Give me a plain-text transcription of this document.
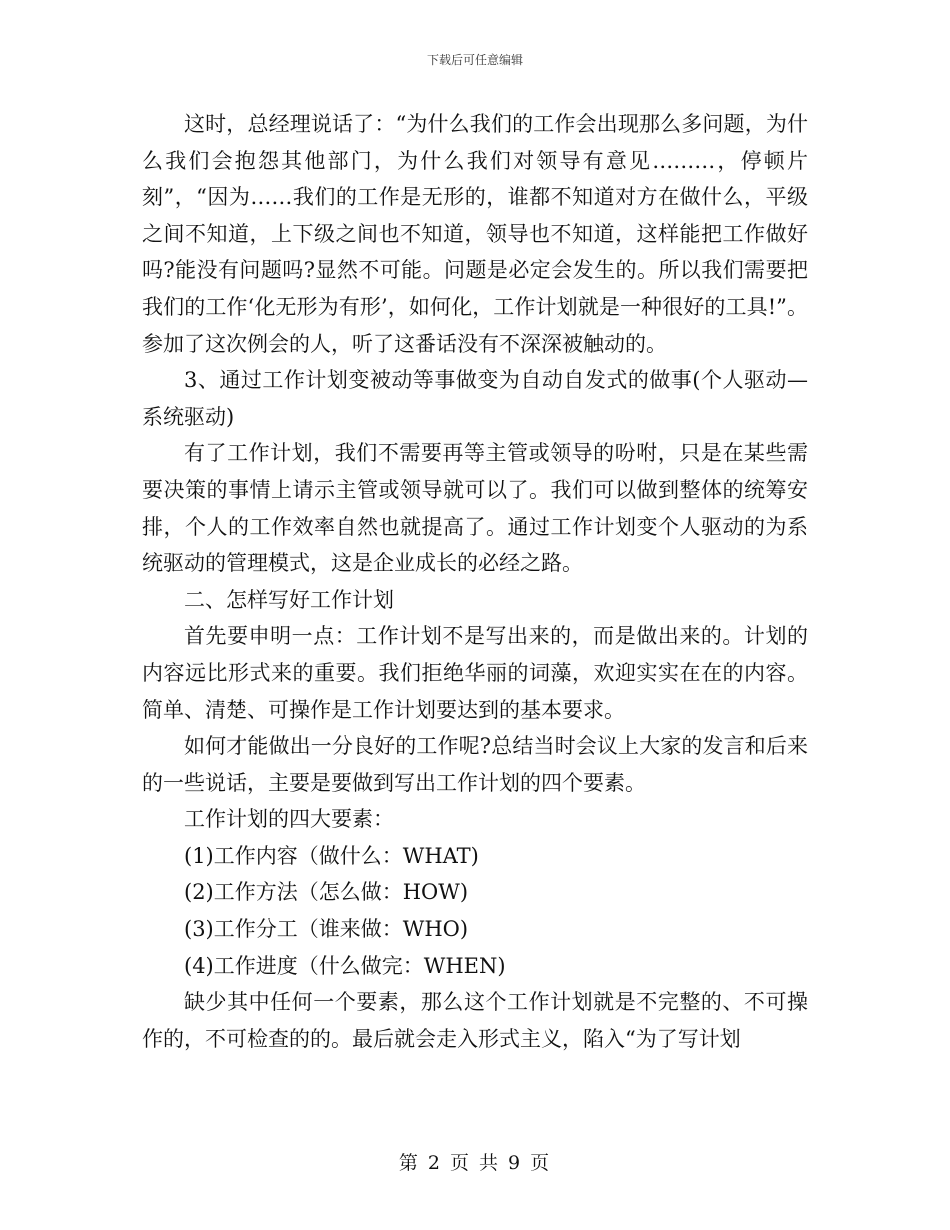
下载后可任意编辑

这时，总经理说话了：“为什么我们的工作会出现那么多问题，为什么我们会抱怨其他部门，为什么我们对领导有意见………，停顿片刻”，“因为……我们的工作是无形的，谁都不知道对方在做什么，平级之间不知道，上下级之间也不知道，领导也不知道，这样能把工作做好吗?能没有问题吗?显然不可能。问题是必定会发生的。所以我们需要把我们的工作‘化无形为有形’，如何化，工作计划就是一种很好的工具!”。参加了这次例会的人，听了这番话没有不深深被触动的。

3、通过工作计划变被动等事做变为自动自发式的做事(个人驱动—系统驱动)

有了工作计划，我们不需要再等主管或领导的吩咐，只是在某些需要决策的事情上请示主管或领导就可以了。我们可以做到整体的统筹安排，个人的工作效率自然也就提高了。通过工作计划变个人驱动的为系统驱动的管理模式，这是企业成长的必经之路。

二、怎样写好工作计划

首先要申明一点：工作计划不是写出来的，而是做出来的。计划的内容远比形式来的重要。我们拒绝华丽的词藻，欢迎实实在在的内容。简单、清楚、可操作是工作计划要达到的基本要求。

如何才能做出一分良好的工作呢?总结当时会议上大家的发言和后来的一些说话，主要是要做到写出工作计划的四个要素。

工作计划的四大要素：

(1)工作内容（做什么：WHAT)

(2)工作方法（怎么做：HOW)

(3)工作分工（谁来做：WHO)

(4)工作进度（什么做完：WHEN)

缺少其中任何一个要素，那么这个工作计划就是不完整的、不可操作的，不可检查的的。最后就会走入形式主义，陷入“为了写计划

第 2 页 共 9 页
